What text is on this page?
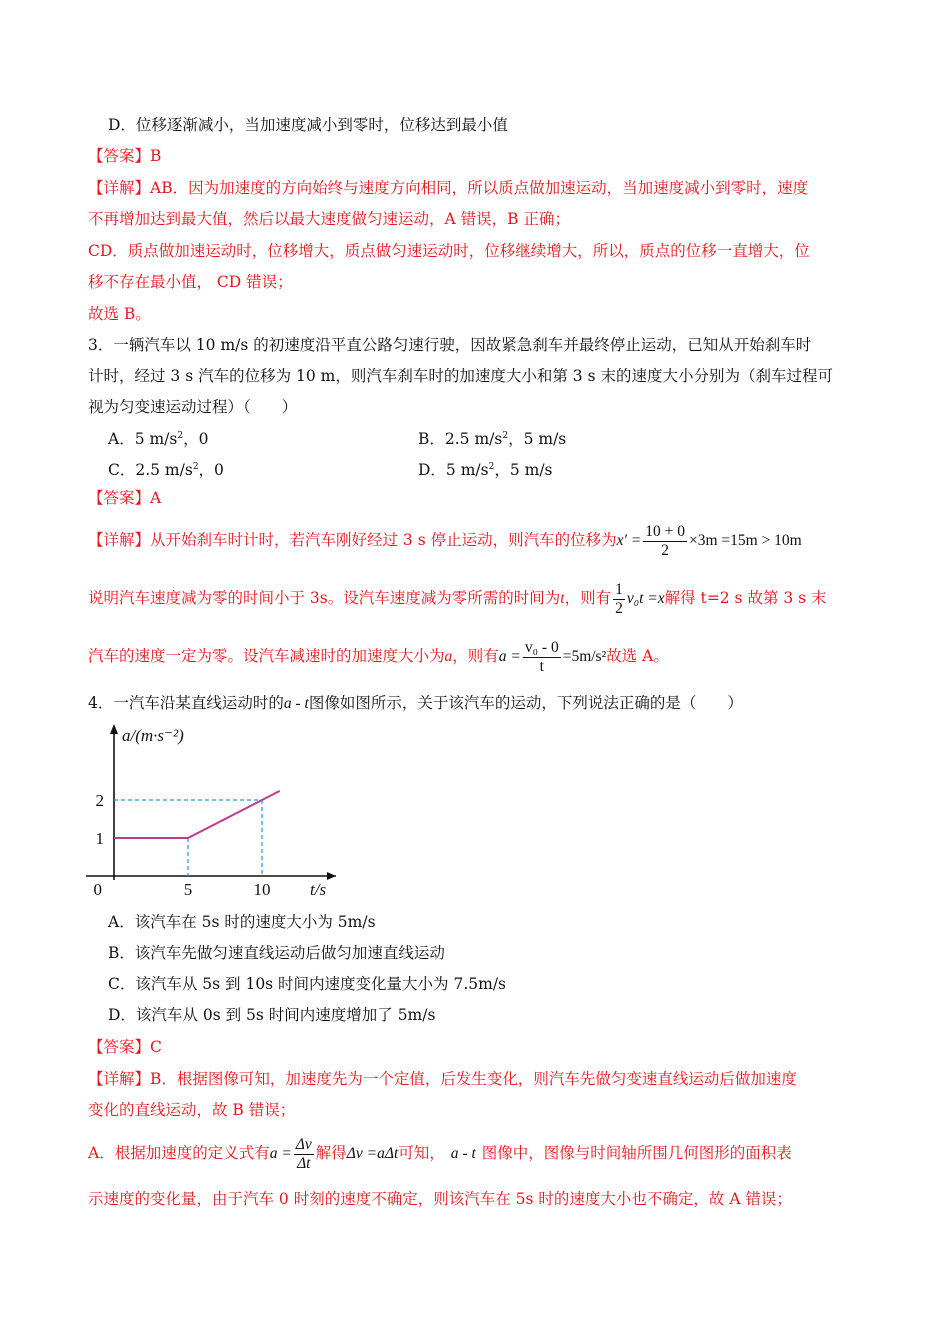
D．位移逐渐减小，当加速度减小到零时，位移达到最小值
【答案】B
【详解】AB．因为加速度的方向始终与速度方向相同，所以质点做加速运动，当加速度减小到零时，速度
不再增加达到最大值，然后以最大速度做匀速运动，A 错误，B 正确；
CD．质点做加速运动时，位移增大，质点做匀速运动时，位移继续增大，所以，质点的位移一直增大，位
移不存在最小值， CD 错误；
故选 B。
3．一辆汽车以 10 m/s 的初速度沿平直公路匀速行驶，因故紧急刹车并最终停止运动，已知从开始刹车时
计时，经过 3 s 汽车的位移为 10 m，则汽车刹车时的加速度大小和第 3 s 末的速度大小分别为（刹车过程可
视为匀变速运动过程）（　　）
A．5 $m/s^2$，0	B．2.5 $m/s^2$，5 m/s
C．2.5 $m/s^2$，0	D．5 $m/s^2$，5 m/s
【答案】A
【详解】从开始刹车时计时，若汽车刚好经过 3 s 停止运动，则汽车的位移为$x' = \frac{10 + 0}{2} \times 3m =15m > 10m$
说明汽车速度减为零的时间小于 3s。设汽车速度减为零所需的时间为t，则有 $\frac{1}{2} v_0t =x$解得 t=2 s 故第 3 s 末
汽车的速度一定为零。设汽车减速时的加速度大小为a，则有$a = \frac{\text{v₀ - 0}}{t} =5m/s^2$故选 A。
4．一汽车沿某直线运动时的a - t图像如图所示，关于该汽车的运动，下列说法正确的是（　　）
5	10
1
2
0
a/(m·s⁻²)
t/s
A．该汽车在 5s 时的速度大小为 5m/s
B．该汽车先做匀速直线运动后做匀加速直线运动
C．该汽车从 5s 到 10s 时间内速度变化量大小为 7.5m/s
D．该汽车从 0s 到 5s 时间内速度增加了 5m/s
【答案】C
【详解】B．根据图像可知，加速度先为一个定值，后发生变化，则汽车先做匀变速直线运动后做加速度
变化的直线运动，故 B 错误；
A．根据加速度的定义式有$a = \frac{\Delta v}{\Delta t}$ 解得Δv =aΔt可知， a - t 图像中，图像与时间轴所围几何图形的面积表
示速度的变化量，由于汽车 0 时刻的速度不确定，则该汽车在 5s 时的速度大小也不确定，故 A 错误；
